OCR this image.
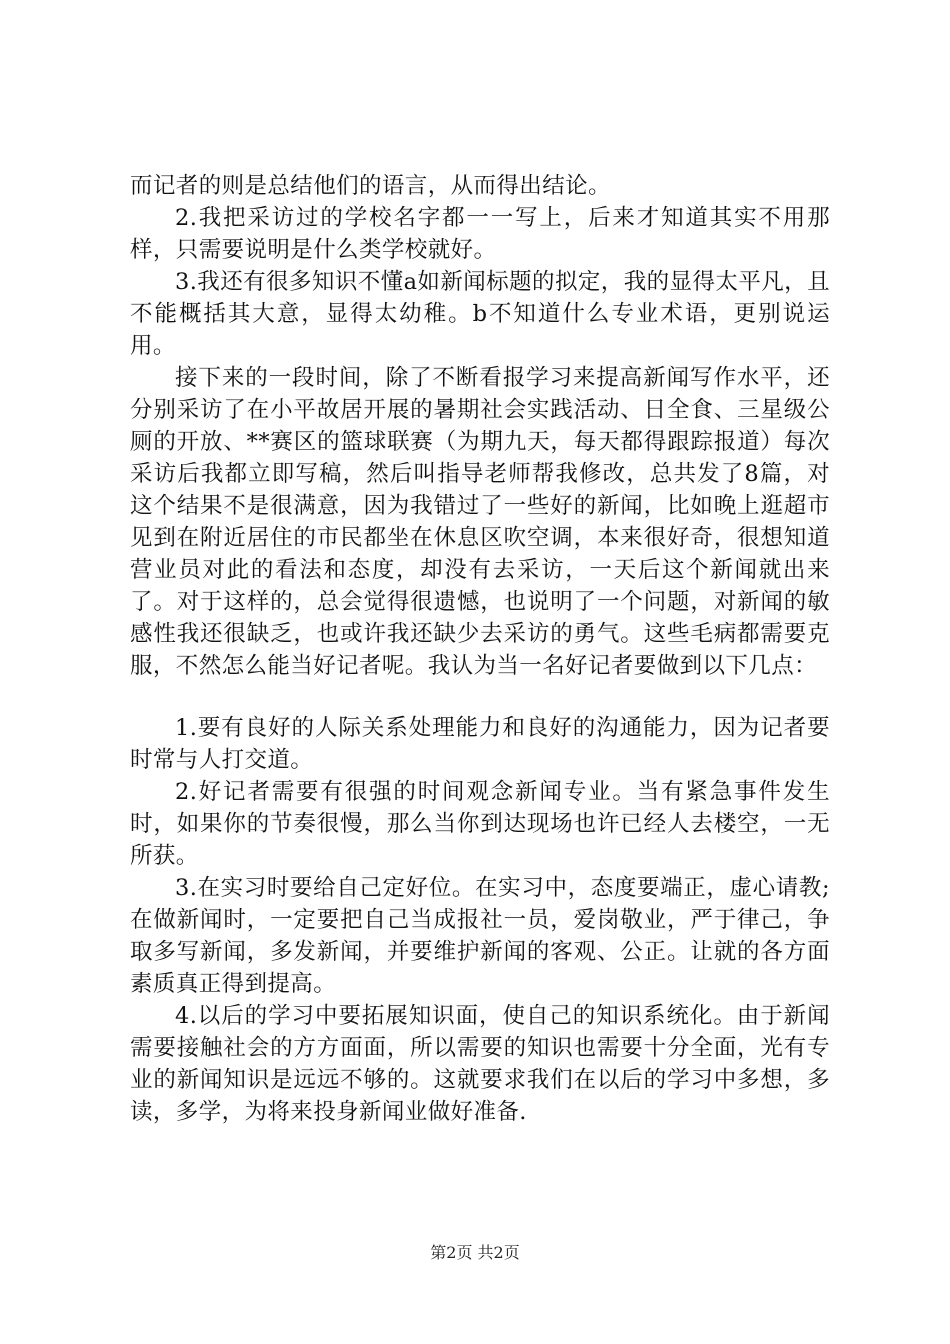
而记者的则是总结他们的语言，从而得出结论。

2.我把采访过的学校名字都一一写上，后来才知道其实不用那样，只需要说明是什么类学校就好。

3.我还有很多知识不懂a如新闻标题的拟定，我的显得太平凡，且不能概括其大意，显得太幼稚。b不知道什么专业术语，更别说运用。

接下来的一段时间，除了不断看报学习来提高新闻写作水平，还分别采访了在小平故居开展的暑期社会实践活动、日全食、三星级公厕的开放、**赛区的篮球联赛（为期九天，每天都得跟踪报道）每次采访后我都立即写稿，然后叫指导老师帮我修改，总共发了8篇，对这个结果不是很满意，因为我错过了一些好的新闻，比如晚上逛超市见到在附近居住的市民都坐在休息区吹空调，本来很好奇，很想知道营业员对此的看法和态度，却没有去采访，一天后这个新闻就出来了。对于这样的，总会觉得很遗憾，也说明了一个问题，对新闻的敏感性我还很缺乏，也或许我还缺少去采访的勇气。这些毛病都需要克服，不然怎么能当好记者呢。我认为当一名好记者要做到以下几点：

1.要有良好的人际关系处理能力和良好的沟通能力，因为记者要时常与人打交道。

2.好记者需要有很强的时间观念新闻专业。当有紧急事件发生时，如果你的节奏很慢，那么当你到达现场也许已经人去楼空，一无所获。

3.在实习时要给自己定好位。在实习中，态度要端正，虚心请教;在做新闻时，一定要把自己当成报社一员，爱岗敬业，严于律己，争取多写新闻，多发新闻，并要维护新闻的客观、公正。让就的各方面素质真正得到提高。

4.以后的学习中要拓展知识面，使自己的知识系统化。由于新闻需要接触社会的方方面面，所以需要的知识也需要十分全面，光有专业的新闻知识是远远不够的。这就要求我们在以后的学习中多想，多读，多学，为将来投身新闻业做好准备.

第2页 共2页
